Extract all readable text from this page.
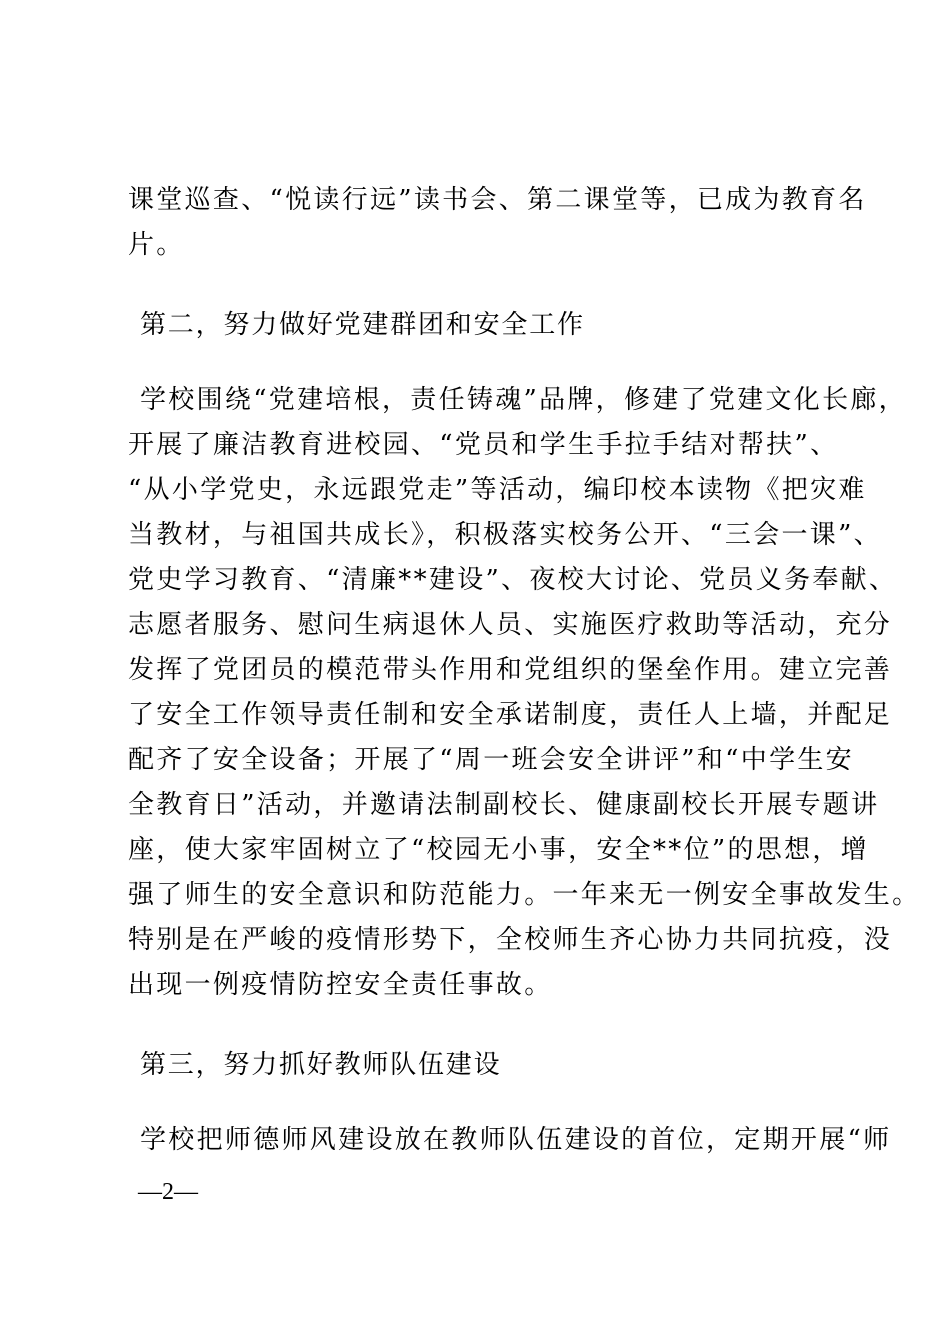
课堂巡查、“悦读行远”读书会、第二课堂等，已成为教育名
片。
第二，努力做好党建群团和安全工作
学校围绕“党建培根，责任铸魂”品牌，修建了党建文化长廊，
开展了廉洁教育进校园、“党员和学生手拉手结对帮扶”、
“从小学党史，永远跟党走”等活动，编印校本读物《把灾难
当教材，与祖国共成长》，积极落实校务公开、“三会一课”、
党史学习教育、“清廉**建设”、夜校大讨论、党员义务奉献、
志愿者服务、慰问生病退休人员、实施医疗救助等活动，充分
发挥了党团员的模范带头作用和党组织的堡垒作用。建立完善
了安全工作领导责任制和安全承诺制度，责任人上墙，并配足
配齐了安全设备；开展了“周一班会安全讲评”和“中学生安
全教育日”活动，并邀请法制副校长、健康副校长开展专题讲
座，使大家牢固树立了“校园无小事，安全**位”的思想，增
强了师生的安全意识和防范能力。一年来无一例安全事故发生。
特别是在严峻的疫情形势下，全校师生齐心协力共同抗疫，没
出现一例疫情防控安全责任事故。
第三，努力抓好教师队伍建设
学校把师德师风建设放在教师队伍建设的首位，定期开展“师
—2—
